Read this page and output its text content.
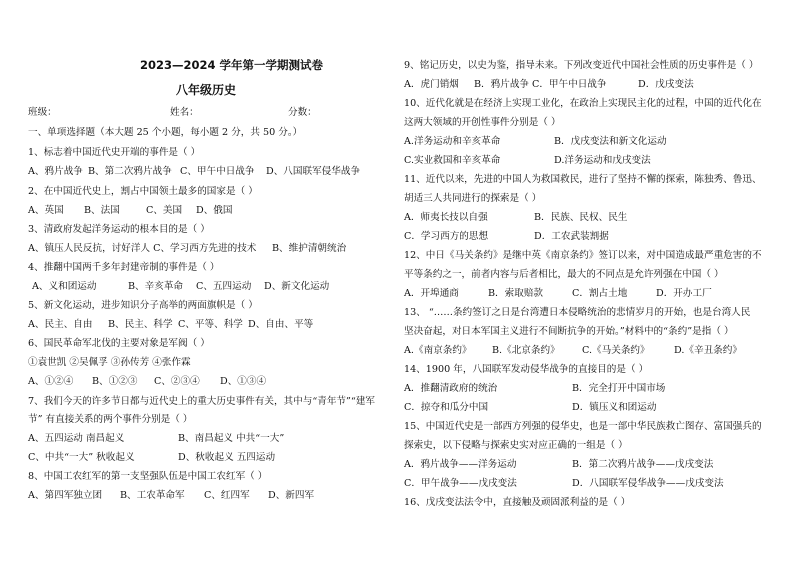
2023—2024 学年第一学期测试卷
八年级历史
班级：	姓名：	分数：
一、单项选择题（本大题 25 个小题，每小题 2 分，共 50 分。）
1、标志着中国近代史开端的事件是（ ）
A、鸦片战争 B、第二次鸦片战争 C、甲午中日战争 D、八国联军侵华战争
2、在中国近代史上，割占中国领土最多的国家是（ ）
A、英国 B、法国	C、美国 D、俄国
3、清政府发起洋务运动的根本目的是（ ）
A、镇压人民反抗，讨好洋人 C、学习西方先进的技术 B、维护清朝统治
4、推翻中国两千多年封建帝制的事件是（ ）
A、义和团运动	B、辛亥革命 C、五四运动 D、新文化运动
5、新文化运动，进步知识分子高举的两面旗帜是（ ）
A、民主、自由 B、民主、科学 C、平等、科学 D、自由、平等
6、国民革命军北伐的主要对象是军阀（ ）
①袁世凯 ②吴佩孚 ③孙传芳 ④张作霖
A、①②④ B、①②③ C、②③④ D、①③④
7、我们今天的许多节日都与近代史上的重大历史事件有关，其中与“青年节”“建军
节” 有直接关系的两个事件分别是（ ）
A、五四运动 南昌起义	B、南昌起义 中共“一大”
C、中共“一大” 秋收起义	D、秋收起义 五四运动
8、中国工农红军的第一支坚强队伍是中国工农红军（ ）
A、第四军独立团 B、工农革命军 C、红四军 D、新四军
9、铭记历史，以史为鉴，指导未来。下列改变近代中国社会性质的历史事件是（ ）
A．虎门销烟 B．鸦片战争 C．甲午中日战争	D．戊戌变法
10、近代化就是在经济上实现工业化，在政治上实现民主化的过程，中国的近代化在
这两大领域的开创性事件分别是（ ）
A.洋务运动和辛亥革命	B．戊戌变法和新文化运动
C.实业救国和辛亥革命	D.洋务运动和戊戌变法
11、近代以来，先进的中国人为救国救民，进行了坚持不懈的探索，陈独秀、鲁迅、
胡适三人共同进行的探索是（ ）
A．师夷长技以自强	B．民族、民权、民生
C．学习西方的思想	D．工农武装割据
12、中日《马关条约》是继中英《南京条约》签订以来，对中国造成最严重危害的不
平等条约之一，前者内容与后者相比，最大的不同点是允许列强在中国（ ）
A．开埠通商	B．索取赔款	C．割占土地	D．开办工厂
13、 “……条约签订之日是台湾遭日本侵略统治的悲情岁月的开始，也是台湾人民
坚决奋起，对日本军国主义进行不间断抗争的开始。”材料中的“条约”是指（ ）
A.《南京条约》 B.《北京条约》 C.《马关条约》	D.《辛丑条约》
14、1900 年，八国联军发动侵华战争的直接目的是（ ）
A．推翻清政府的统治	B．完全打开中国市场
C．掠夺和瓜分中国	D．镇压义和团运动
15、中国近代史是一部西方列强的侵华史，也是一部中华民族救亡图存、富国强兵的
探索史，以下侵略与探索史实对应正确的一组是（ ）
A．鸦片战争——洋务运动	B．第二次鸦片战争——戊戌变法
C．甲午战争——戊戌变法	D．八国联军侵华战争——戊戌变法
16、戊戌变法法令中，直接触及顽固派利益的是（ ）
